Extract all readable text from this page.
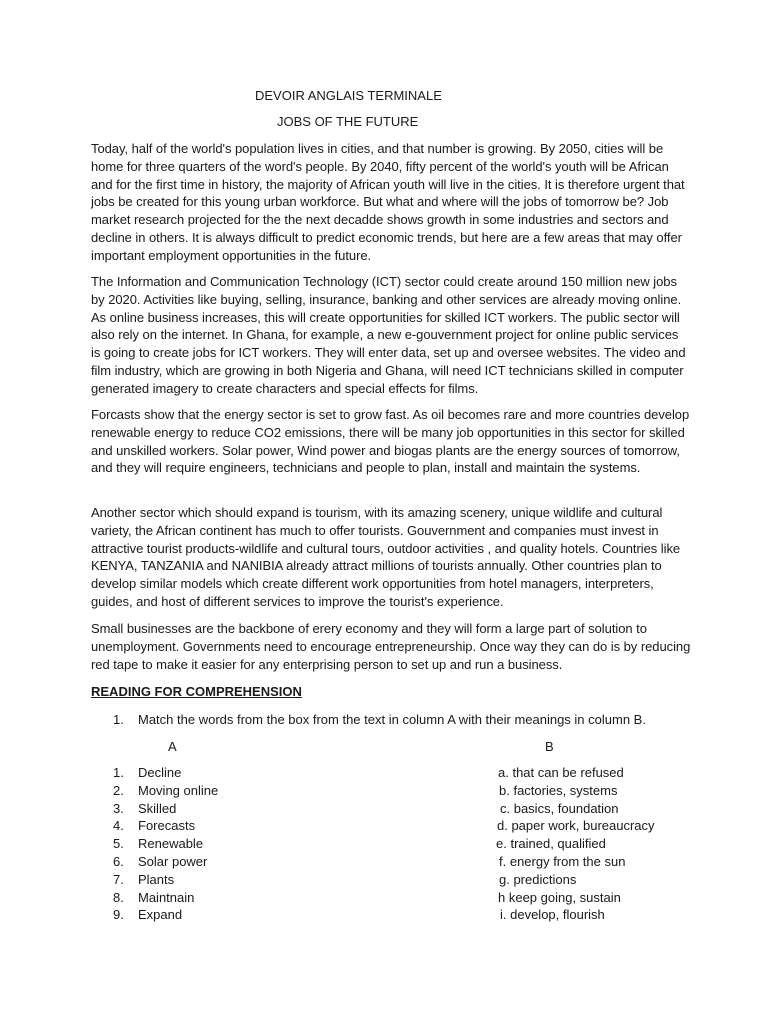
DEVOIR ANGLAIS TERMINALE
JOBS OF THE FUTURE

Today, half of the world's population lives in cities, and that number is growing. By 2050, cities will be home for three quarters of the word's people. By 2040, fifty percent of the world's youth will be African and for the first time in history, the majority of African youth will live in the cities. It is therefore urgent that jobs be created for this young urban workforce. But what and where will the jobs of tomorrow be? Job market research projected for the the next decadde shows growth in some industries and sectors and decline in others. It is always difficult to predict economic trends, but here are a few areas that may offer important employment opportunities in the future.

The Information and Communication Technology (ICT) sector could create around 150 million new jobs by 2020. Activities like buying, selling, insurance, banking and other services are already moving online. As online business increases, this will create opportunities for skilled ICT workers. The public sector will also rely on the internet. In Ghana, for example, a new e-gouvernment project for online public services is going to create jobs for ICT workers. They will enter data, set up and oversee websites. The video and film industry, which are growing in both Nigeria and Ghana, will need ICT technicians skilled in computer generated imagery to create characters and special effects for films.

Forcasts show that the energy sector is set to grow fast. As oil becomes rare and more countries develop renewable energy to reduce CO2 emissions, there will be many job opportunities in this sector for skilled and unskilled workers. Solar power, Wind power and biogas plants are the energy sources of tomorrow, and they will require engineers, technicians and people to plan, install and maintain the systems.

Another sector which should expand is tourism, with its amazing scenery, unique wildlife and cultural variety, the African continent has much to offer tourists. Gouvernment and companies must invest in attractive tourist products-wildlife and cultural tours, outdoor activities , and quality hotels. Countries like KENYA, TANZANIA and NANIBIA already attract millions of tourists annually. Other countries plan to develop similar models which create different work opportunities from hotel managers, interpreters, guides, and host of different services to improve the tourist's experience.

Small businesses are the backbone of erery economy and they will form a large part of solution to unemployment. Governments need to encourage entrepreneurship. Once way they can do is by reducing red tape to make it easier for any enterprising person to set up and run a business.

READING FOR COMPREHENSION
1. Match the words from the box from the text in column A with their meanings in column B.
A	B
1. Decline	a. that can be refused
2. Moving online	b. factories, systems
3. Skilled	c. basics, foundation
4. Forecasts	d. paper work, bureaucracy
5. Renewable	e. trained, qualified
6. Solar power	f. energy from the sun
7. Plants	g. predictions
8. Maintnain	h keep going, sustain
9. Expand	i. develop, flourish
